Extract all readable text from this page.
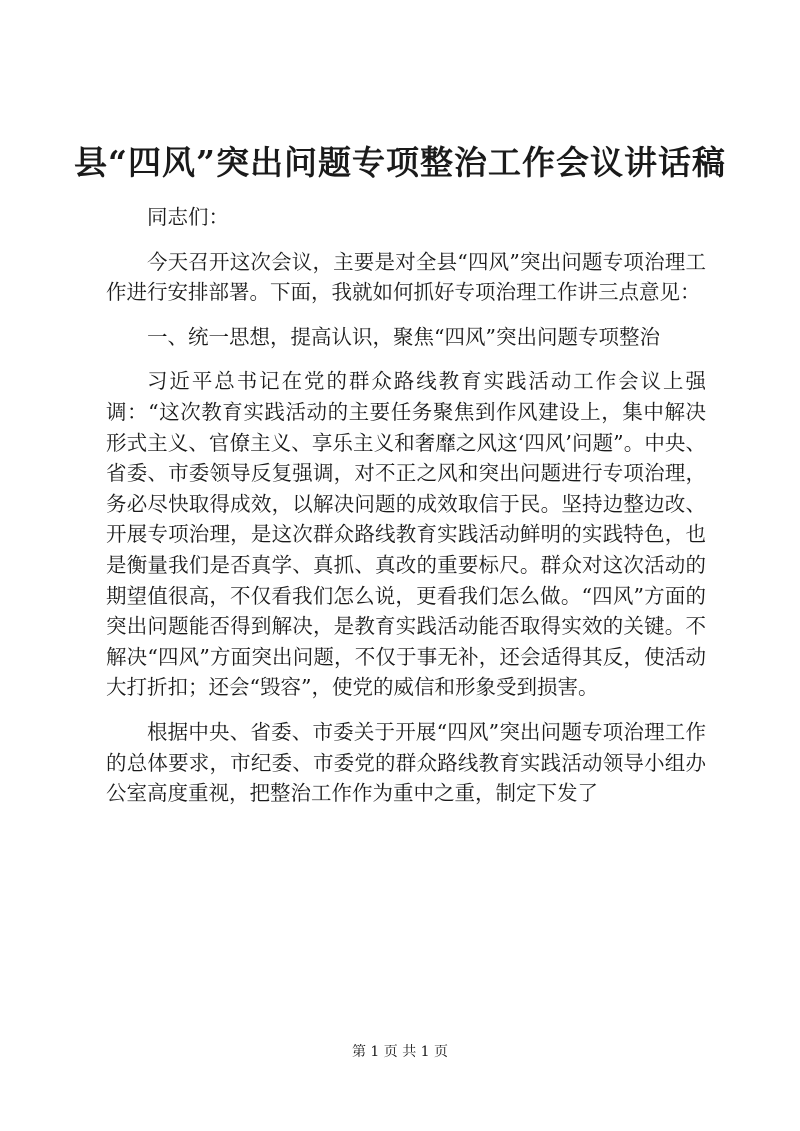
县“四风”突出问题专项整治工作会议讲话稿

同志们：

今天召开这次会议，主要是对全县“四风”突出问题专项治理工作进行安排部署。下面，我就如何抓好专项治理工作讲三点意见：

一、统一思想，提高认识，聚焦“四风”突出问题专项整治

习近平总书记在党的群众路线教育实践活动工作会议上强调：“这次教育实践活动的主要任务聚焦到作风建设上，集中解决形式主义、官僚主义、享乐主义和奢靡之风这‘四风’问题”。中央、省委、市委领导反复强调，对不正之风和突出问题进行专项治理，务必尽快取得成效，以解决问题的成效取信于民。坚持边整边改、开展专项治理，是这次群众路线教育实践活动鲜明的实践特色，也是衡量我们是否真学、真抓、真改的重要标尺。群众对这次活动的期望值很高，不仅看我们怎么说，更看我们怎么做。“四风”方面的突出问题能否得到解决，是教育实践活动能否取得实效的关键。不解决“四风”方面突出问题，不仅于事无补，还会适得其反，使活动大打折扣；还会“毁容”，使党的威信和形象受到损害。

根据中央、省委、市委关于开展“四风”突出问题专项治理工作的总体要求，市纪委、市委党的群众路线教育实践活动领导小组办公室高度重视，把整治工作作为重中之重，制定下发了

第 1 页 共 1 页
